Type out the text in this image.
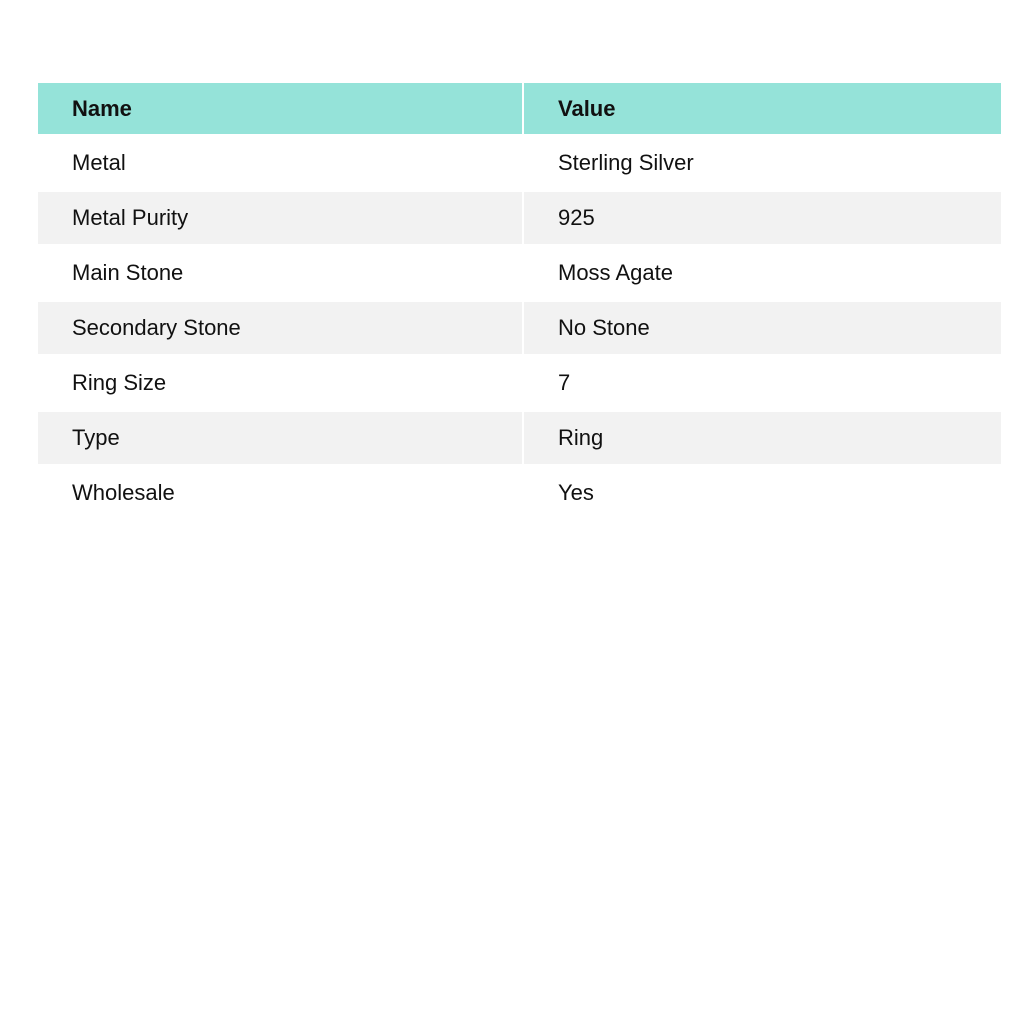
Name	Value
Metal	Sterling Silver
Metal Purity	925
Main Stone	Moss Agate
Secondary Stone	No Stone
Ring Size	7
Type	Ring
Wholesale	Yes
